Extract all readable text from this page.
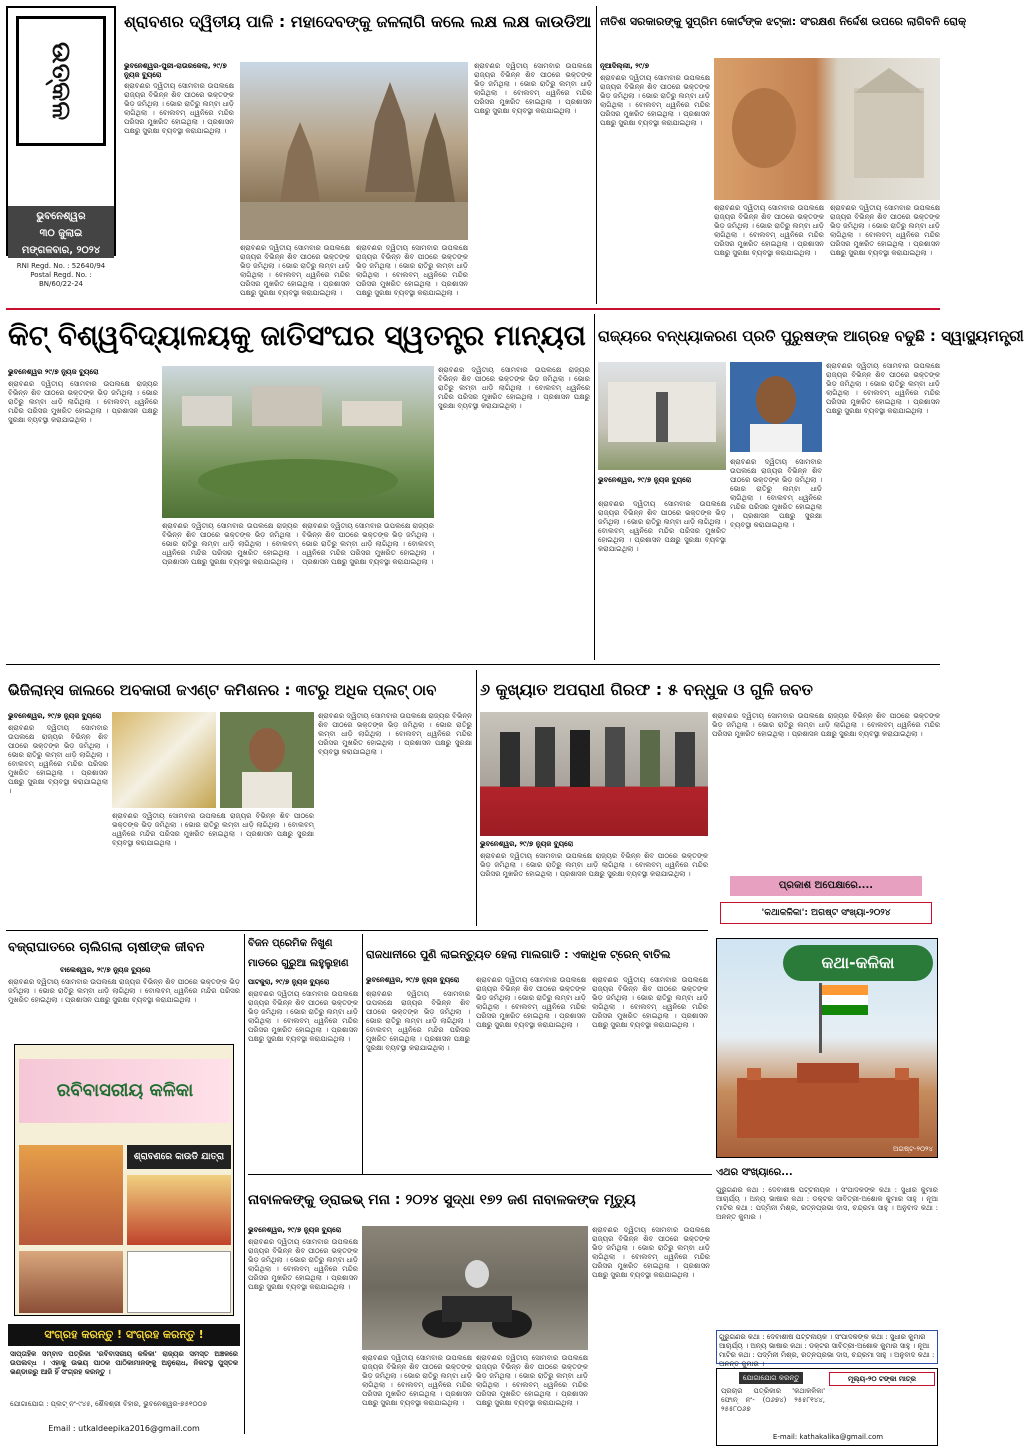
ଉତ୍କଳ
ଭୁବନେଶ୍ୱର
୩୦ ଜୁଲାଇ
ମଙ୍ଗଳବାର, ୨୦୨୪
RNI Regd. No. : 52640/94
Postal Regd. No. :
BN/60/22-24
ଶ୍ରାବଣର ଦ୍ୱିତୀୟ ପାଳି : ମହାଦେବଙ୍କୁ ଜଳଲାଗି କଲେ ଲକ୍ଷ ଲକ୍ଷ କାଉଡିଆ
ଭୁବନେଶ୍ୱର-ପୁରୀ-ରାଉରକେଲା, ୨୯/୭ ନ୍ୟୁଜ ବ୍ୟୁରୋ
ଶ୍ରାବଣର ଦ୍ୱିତୀୟ ସୋମବାର ଉପଲକ୍ଷେ ରାଜ୍ୟର ବିଭିନ୍ନ ଶିବ ପୀଠରେ ଭକ୍ତଙ୍କ ଭିଡ଼ ଜମିଥିଲା । ଭୋର ରାତିରୁ ଲମ୍ବା ଧାଡ଼ି ଲାଗିଥିଲା । ବୋଲବମ୍ ଧ୍ୱନିରେ ମନ୍ଦିର ପରିସର ମୁଖରିତ ହୋଇଥିଲା । ପ୍ରଶାସନ ପକ୍ଷରୁ ସୁରକ୍ଷା ବ୍ୟବସ୍ଥା କରାଯାଇଥିଲା ।
ଶ୍ରାବଣର ଦ୍ୱିତୀୟ ସୋମବାର ଉପଲକ୍ଷେ ରାଜ୍ୟର ବିଭିନ୍ନ ଶିବ ପୀଠରେ ଭକ୍ତଙ୍କ ଭିଡ଼ ଜମିଥିଲା । ଭୋର ରାତିରୁ ଲମ୍ବା ଧାଡ଼ି ଲାଗିଥିଲା । ବୋଲବମ୍ ଧ୍ୱନିରେ ମନ୍ଦିର ପରିସର ମୁଖରିତ ହୋଇଥିଲା । ପ୍ରଶାସନ ପକ୍ଷରୁ ସୁରକ୍ଷା ବ୍ୟବସ୍ଥା କରାଯାଇଥିଲା ।
ଶ୍ରାବଣର ଦ୍ୱିତୀୟ ସୋମବାର ଉପଲକ୍ଷେ ରାଜ୍ୟର ବିଭିନ୍ନ ଶିବ ପୀଠରେ ଭକ୍ତଙ୍କ ଭିଡ଼ ଜମିଥିଲା । ଭୋର ରାତିରୁ ଲମ୍ବା ଧାଡ଼ି ଲାଗିଥିଲା । ବୋଲବମ୍ ଧ୍ୱନିରେ ମନ୍ଦିର ପରିସର ମୁଖରିତ ହୋଇଥିଲା । ପ୍ରଶାସନ ପକ୍ଷରୁ ସୁରକ୍ଷା ବ୍ୟବସ୍ଥା କରାଯାଇଥିଲା ।
ଶ୍ରାବଣର ଦ୍ୱିତୀୟ ସୋମବାର ଉପଲକ୍ଷେ ରାଜ୍ୟର ବିଭିନ୍ନ ଶିବ ପୀଠରେ ଭକ୍ତଙ୍କ ଭିଡ଼ ଜମିଥିଲା । ଭୋର ରାତିରୁ ଲମ୍ବା ଧାଡ଼ି ଲାଗିଥିଲା । ବୋଲବମ୍ ଧ୍ୱନିରେ ମନ୍ଦିର ପରିସର ମୁଖରିତ ହୋଇଥିଲା । ପ୍ରଶାସନ ପକ୍ଷରୁ ସୁରକ୍ଷା ବ୍ୟବସ୍ଥା କରାଯାଇଥିଲା ।
ନୀତିଶ ସରକାରଙ୍କୁ ସୁପ୍ରିମ କୋର୍ଟଙ୍କ ଝଟ୍କା: ସଂରକ୍ଷଣ ନିର୍ଦ୍ଦେଶ ଉପରେ ଲାଗିବନି ରୋକ୍
ନୂଆଦିଲ୍ଲୀ, ୨୯/୭
ଶ୍ରାବଣର ଦ୍ୱିତୀୟ ସୋମବାର ଉପଲକ୍ଷେ ରାଜ୍ୟର ବିଭିନ୍ନ ଶିବ ପୀଠରେ ଭକ୍ତଙ୍କ ଭିଡ଼ ଜମିଥିଲା । ଭୋର ରାତିରୁ ଲମ୍ବା ଧାଡ଼ି ଲାଗିଥିଲା । ବୋଲବମ୍ ଧ୍ୱନିରେ ମନ୍ଦିର ପରିସର ମୁଖରିତ ହୋଇଥିଲା । ପ୍ରଶାସନ ପକ୍ଷରୁ ସୁରକ୍ଷା ବ୍ୟବସ୍ଥା କରାଯାଇଥିଲା ।
ଶ୍ରାବଣର ଦ୍ୱିତୀୟ ସୋମବାର ଉପଲକ୍ଷେ ରାଜ୍ୟର ବିଭିନ୍ନ ଶିବ ପୀଠରେ ଭକ୍ତଙ୍କ ଭିଡ଼ ଜମିଥିଲା । ଭୋର ରାତିରୁ ଲମ୍ବା ଧାଡ଼ି ଲାଗିଥିଲା । ବୋଲବମ୍ ଧ୍ୱନିରେ ମନ୍ଦିର ପରିସର ମୁଖରିତ ହୋଇଥିଲା । ପ୍ରଶାସନ ପକ୍ଷରୁ ସୁରକ୍ଷା ବ୍ୟବସ୍ଥା କରାଯାଇଥିଲା ।
ଶ୍ରାବଣର ଦ୍ୱିତୀୟ ସୋମବାର ଉପଲକ୍ଷେ ରାଜ୍ୟର ବିଭିନ୍ନ ଶିବ ପୀଠରେ ଭକ୍ତଙ୍କ ଭିଡ଼ ଜମିଥିଲା । ଭୋର ରାତିରୁ ଲମ୍ବା ଧାଡ଼ି ଲାଗିଥିଲା । ବୋଲବମ୍ ଧ୍ୱନିରେ ମନ୍ଦିର ପରିସର ମୁଖରିତ ହୋଇଥିଲା । ପ୍ରଶାସନ ପକ୍ଷରୁ ସୁରକ୍ଷା ବ୍ୟବସ୍ଥା କରାଯାଇଥିଲା ।
କିଟ୍ ବିଶ୍ୱବିଦ୍ୟାଳୟକୁ ଜାତିସଂଘର ସ୍ୱତନ୍ତ୍ର ମାନ୍ୟତା
ଭୁବନେଶ୍ୱର ୨୯/୭ ନ୍ୟୁଜ ବ୍ୟୁରୋ
ଶ୍ରାବଣର ଦ୍ୱିତୀୟ ସୋମବାର ଉପଲକ୍ଷେ ରାଜ୍ୟର ବିଭିନ୍ନ ଶିବ ପୀଠରେ ଭକ୍ତଙ୍କ ଭିଡ଼ ଜମିଥିଲା । ଭୋର ରାତିରୁ ଲମ୍ବା ଧାଡ଼ି ଲାଗିଥିଲା । ବୋଲବମ୍ ଧ୍ୱନିରେ ମନ୍ଦିର ପରିସର ମୁଖରିତ ହୋଇଥିଲା । ପ୍ରଶାସନ ପକ୍ଷରୁ ସୁରକ୍ଷା ବ୍ୟବସ୍ଥା କରାଯାଇଥିଲା ।
ଶ୍ରାବଣର ଦ୍ୱିତୀୟ ସୋମବାର ଉପଲକ୍ଷେ ରାଜ୍ୟର ବିଭିନ୍ନ ଶିବ ପୀଠରେ ଭକ୍ତଙ୍କ ଭିଡ଼ ଜମିଥିଲା । ଭୋର ରାତିରୁ ଲମ୍ବା ଧାଡ଼ି ଲାଗିଥିଲା । ବୋଲବମ୍ ଧ୍ୱନିରେ ମନ୍ଦିର ପରିସର ମୁଖରିତ ହୋଇଥିଲା । ପ୍ରଶାସନ ପକ୍ଷରୁ ସୁରକ୍ଷା ବ୍ୟବସ୍ଥା କରାଯାଇଥିଲା ।
ଶ୍ରାବଣର ଦ୍ୱିତୀୟ ସୋମବାର ଉପଲକ୍ଷେ ରାଜ୍ୟର ବିଭିନ୍ନ ଶିବ ପୀଠରେ ଭକ୍ତଙ୍କ ଭିଡ଼ ଜମିଥିଲା । ଭୋର ରାତିରୁ ଲମ୍ବା ଧାଡ଼ି ଲାଗିଥିଲା । ବୋଲବମ୍ ଧ୍ୱନିରେ ମନ୍ଦିର ପରିସର ମୁଖରିତ ହୋଇଥିଲା । ପ୍ରଶାସନ ପକ୍ଷରୁ ସୁରକ୍ଷା ବ୍ୟବସ୍ଥା କରାଯାଇଥିଲା ।
ଶ୍ରାବଣର ଦ୍ୱିତୀୟ ସୋମବାର ଉପଲକ୍ଷେ ରାଜ୍ୟର ବିଭିନ୍ନ ଶିବ ପୀଠରେ ଭକ୍ତଙ୍କ ଭିଡ଼ ଜମିଥିଲା । ଭୋର ରାତିରୁ ଲମ୍ବା ଧାଡ଼ି ଲାଗିଥିଲା । ବୋଲବମ୍ ଧ୍ୱନିରେ ମନ୍ଦିର ପରିସର ମୁଖରିତ ହୋଇଥିଲା । ପ୍ରଶାସନ ପକ୍ଷରୁ ସୁରକ୍ଷା ବ୍ୟବସ୍ଥା କରାଯାଇଥିଲା ।
ରାଜ୍ୟରେ ବନ୍ଧ୍ୟାକରଣ ପ୍ରତି ପୁରୁଷଙ୍କ ଆଗ୍ରହ ବଢୁଛି : ସ୍ୱାସ୍ଥ୍ୟମନ୍ତ୍ରୀ
ଭୁବନେଶ୍ୱର, ୨୯/୭ ନ୍ୟୁଜ ବ୍ୟୁରୋ
ଶ୍ରାବଣର ଦ୍ୱିତୀୟ ସୋମବାର ଉପଲକ୍ଷେ ରାଜ୍ୟର ବିଭିନ୍ନ ଶିବ ପୀଠରେ ଭକ୍ତଙ୍କ ଭିଡ଼ ଜମିଥିଲା । ଭୋର ରାତିରୁ ଲମ୍ବା ଧାଡ଼ି ଲାଗିଥିଲା । ବୋଲବମ୍ ଧ୍ୱନିରେ ମନ୍ଦିର ପରିସର ମୁଖରିତ ହୋଇଥିଲା । ପ୍ରଶାସନ ପକ୍ଷରୁ ସୁରକ୍ଷା ବ୍ୟବସ୍ଥା କରାଯାଇଥିଲା ।
ଶ୍ରାବଣର ଦ୍ୱିତୀୟ ସୋମବାର ଉପଲକ୍ଷେ ରାଜ୍ୟର ବିଭିନ୍ନ ଶିବ ପୀଠରେ ଭକ୍ତଙ୍କ ଭିଡ଼ ଜମିଥିଲା । ଭୋର ରାତିରୁ ଲମ୍ବା ଧାଡ଼ି ଲାଗିଥିଲା । ବୋଲବମ୍ ଧ୍ୱନିରେ ମନ୍ଦିର ପରିସର ମୁଖରିତ ହୋଇଥିଲା । ପ୍ରଶାସନ ପକ୍ଷରୁ ସୁରକ୍ଷା ବ୍ୟବସ୍ଥା କରାଯାଇଥିଲା ।
ଶ୍ରାବଣର ଦ୍ୱିତୀୟ ସୋମବାର ଉପଲକ୍ଷେ ରାଜ୍ୟର ବିଭିନ୍ନ ଶିବ ପୀଠରେ ଭକ୍ତଙ୍କ ଭିଡ଼ ଜମିଥିଲା । ଭୋର ରାତିରୁ ଲମ୍ବା ଧାଡ଼ି ଲାଗିଥିଲା । ବୋଲବମ୍ ଧ୍ୱନିରେ ମନ୍ଦିର ପରିସର ମୁଖରିତ ହୋଇଥିଲା । ପ୍ରଶାସନ ପକ୍ଷରୁ ସୁରକ୍ଷା ବ୍ୟବସ୍ଥା କରାଯାଇଥିଲା ।
ଭିଜିଲାନ୍ସ ଜାଲରେ ଅବକାରୀ ଜଏଣ୍ଟ କମିଶନର : ୩ଟରୁ ଅଧିକ ପ୍ଲଟ୍ ଠାବ
ଭୁବନେଶ୍ୱର, ୨୯/୭ ନ୍ୟୁଜ ବ୍ୟୁରୋ
ଶ୍ରାବଣର ଦ୍ୱିତୀୟ ସୋମବାର ଉପଲକ୍ଷେ ରାଜ୍ୟର ବିଭିନ୍ନ ଶିବ ପୀଠରେ ଭକ୍ତଙ୍କ ଭିଡ଼ ଜମିଥିଲା । ଭୋର ରାତିରୁ ଲମ୍ବା ଧାଡ଼ି ଲାଗିଥିଲା । ବୋଲବମ୍ ଧ୍ୱନିରେ ମନ୍ଦିର ପରିସର ମୁଖରିତ ହୋଇଥିଲା । ପ୍ରଶାସନ ପକ୍ଷରୁ ସୁରକ୍ଷା ବ୍ୟବସ୍ଥା କରାଯାଇଥିଲା ।
ଶ୍ରାବଣର ଦ୍ୱିତୀୟ ସୋମବାର ଉପଲକ୍ଷେ ରାଜ୍ୟର ବିଭିନ୍ନ ଶିବ ପୀଠରେ ଭକ୍ତଙ୍କ ଭିଡ଼ ଜମିଥିଲା । ଭୋର ରାତିରୁ ଲମ୍ବା ଧାଡ଼ି ଲାଗିଥିଲା । ବୋଲବମ୍ ଧ୍ୱନିରେ ମନ୍ଦିର ପରିସର ମୁଖରିତ ହୋଇଥିଲା । ପ୍ରଶାସନ ପକ୍ଷରୁ ସୁରକ୍ଷା ବ୍ୟବସ୍ଥା କରାଯାଇଥିଲା ।
ଶ୍ରାବଣର ଦ୍ୱିତୀୟ ସୋମବାର ଉପଲକ୍ଷେ ରାଜ୍ୟର ବିଭିନ୍ନ ଶିବ ପୀଠରେ ଭକ୍ତଙ୍କ ଭିଡ଼ ଜମିଥିଲା । ଭୋର ରାତିରୁ ଲମ୍ବା ଧାଡ଼ି ଲାଗିଥିଲା । ବୋଲବମ୍ ଧ୍ୱନିରେ ମନ୍ଦିର ପରିସର ମୁଖରିତ ହୋଇଥିଲା । ପ୍ରଶାସନ ପକ୍ଷରୁ ସୁରକ୍ଷା ବ୍ୟବସ୍ଥା କରାଯାଇଥିଲା ।
୬ କୁଖ୍ୟାତ ଅପରାଧୀ ଗିରଫ : ୫ ବନ୍ଧୁକ ଓ ଗୁଳି ଜବତ
ଭୁବନେଶ୍ୱର, ୨୯/୭ ନ୍ୟୁଜ ବ୍ୟୁରୋ
ଶ୍ରାବଣର ଦ୍ୱିତୀୟ ସୋମବାର ଉପଲକ୍ଷେ ରାଜ୍ୟର ବିଭିନ୍ନ ଶିବ ପୀଠରେ ଭକ୍ତଙ୍କ ଭିଡ଼ ଜମିଥିଲା । ଭୋର ରାତିରୁ ଲମ୍ବା ଧାଡ଼ି ଲାଗିଥିଲା । ବୋଲବମ୍ ଧ୍ୱନିରେ ମନ୍ଦିର ପରିସର ମୁଖରିତ ହୋଇଥିଲା । ପ୍ରଶାସନ ପକ୍ଷରୁ ସୁରକ୍ଷା ବ୍ୟବସ୍ଥା କରାଯାଇଥିଲା ।
ଶ୍ରାବଣର ଦ୍ୱିତୀୟ ସୋମବାର ଉପଲକ୍ଷେ ରାଜ୍ୟର ବିଭିନ୍ନ ଶିବ ପୀଠରେ ଭକ୍ତଙ୍କ ଭିଡ଼ ଜମିଥିଲା । ଭୋର ରାତିରୁ ଲମ୍ବା ଧାଡ଼ି ଲାଗିଥିଲା । ବୋଲବମ୍ ଧ୍ୱନିରେ ମନ୍ଦିର ପରିସର ମୁଖରିତ ହୋଇଥିଲା । ପ୍ରଶାସନ ପକ୍ଷରୁ ସୁରକ୍ଷା ବ୍ୟବସ୍ଥା କରାଯାଇଥିଲା ।
ପ୍ରକାଶ ଅପେକ୍ଷାରେ....
'କଥାକଳିକା': ଅଗଷ୍ଟ ସଂଖ୍ୟା-୨୦୨୪
ବଜ୍ରାଘାତରେ ଚାଲିଗଲା ଚାଷୀଙ୍କ ଜୀବନ
ବାଲେଶ୍ୱର, ୨୯/୭ ନ୍ୟୁଜ ବ୍ୟୁରୋ
ଶ୍ରାବଣର ଦ୍ୱିତୀୟ ସୋମବାର ଉପଲକ୍ଷେ ରାଜ୍ୟର ବିଭିନ୍ନ ଶିବ ପୀଠରେ ଭକ୍ତଙ୍କ ଭିଡ଼ ଜମିଥିଲା । ଭୋର ରାତିରୁ ଲମ୍ବା ଧାଡ଼ି ଲାଗିଥିଲା । ବୋଲବମ୍ ଧ୍ୱନିରେ ମନ୍ଦିର ପରିସର ମୁଖରିତ ହୋଇଥିଲା । ପ୍ରଶାସନ ପକ୍ଷରୁ ସୁରକ୍ଷା ବ୍ୟବସ୍ଥା କରାଯାଇଥିଲା ।
ରବିବାସରୀୟ କଳିକା
ଶ୍ରାବଣରେ କାଉଡି ଯାତ୍ରା
ସଂଗ୍ରହ କରନ୍ତୁ ! ସଂଗ୍ରହ କରନ୍ତୁ !
ସାପ୍ତାହିକ ସମ୍ବାଦ ପତ୍ରିକା 'ରବିବାସରୀୟ କଳିକା' ରାଜ୍ୟର ସମସ୍ତ ଅଞ୍ଚଳରେ ଉପଲବ୍ଧ । ଏହାକୁ ଉଭୟ ପାଠକ ପାଠିକାମାନଙ୍କୁ ଅନୁରୋଧ, ନିକଟସ୍ଥ ପୁସ୍ତକ ଭଣ୍ଡାରରୁ ଆଜି ହିଁ ସଂଗ୍ରହ କରନ୍ତୁ ।
ଯୋଗାଯୋଗ : ପ୍ଲଟ୍ ନଂ-୯୪୫, ଶୈଳଶ୍ରୀ ବିହାର, ଭୁବନେଶ୍ୱର-୭୫୧୦୦୭
Email : utkaldeepika2016@gmail.com
ବିଜନ ପ୍ରେମିକ ନିଖୁଣ
ମାଡରେ ଗୁରୁଆ ଲହୁଲୁହାଣ
ପାଟକୁରା, ୨୯/୭ ନ୍ୟୁଜ ବ୍ୟୁରୋ
ଶ୍ରାବଣର ଦ୍ୱିତୀୟ ସୋମବାର ଉପଲକ୍ଷେ ରାଜ୍ୟର ବିଭିନ୍ନ ଶିବ ପୀଠରେ ଭକ୍ତଙ୍କ ଭିଡ଼ ଜମିଥିଲା । ଭୋର ରାତିରୁ ଲମ୍ବା ଧାଡ଼ି ଲାଗିଥିଲା । ବୋଲବମ୍ ଧ୍ୱନିରେ ମନ୍ଦିର ପରିସର ମୁଖରିତ ହୋଇଥିଲା । ପ୍ରଶାସନ ପକ୍ଷରୁ ସୁରକ୍ଷା ବ୍ୟବସ୍ଥା କରାଯାଇଥିଲା ।
ରାଜଧାନୀରେ ପୁଣି ଲାଇନ୍‌ଚ୍ୟୁତ ହେଲା ମାଲଗାଡି : ଏକାଧିକ ଟ୍ରେନ୍ ବାତିଲ
ଭୁବନେଶ୍ୱର, ୨୯/୭ ନ୍ୟୁଜ ବ୍ୟୁରୋ
ଶ୍ରାବଣର ଦ୍ୱିତୀୟ ସୋମବାର ଉପଲକ୍ଷେ ରାଜ୍ୟର ବିଭିନ୍ନ ଶିବ ପୀଠରେ ଭକ୍ତଙ୍କ ଭିଡ଼ ଜମିଥିଲା । ଭୋର ରାତିରୁ ଲମ୍ବା ଧାଡ଼ି ଲାଗିଥିଲା । ବୋଲବମ୍ ଧ୍ୱନିରେ ମନ୍ଦିର ପରିସର ମୁଖରିତ ହୋଇଥିଲା । ପ୍ରଶାସନ ପକ୍ଷରୁ ସୁରକ୍ଷା ବ୍ୟବସ୍ଥା କରାଯାଇଥିଲା ।
ଶ୍ରାବଣର ଦ୍ୱିତୀୟ ସୋମବାର ଉପଲକ୍ଷେ ରାଜ୍ୟର ବିଭିନ୍ନ ଶିବ ପୀଠରେ ଭକ୍ତଙ୍କ ଭିଡ଼ ଜମିଥିଲା । ଭୋର ରାତିରୁ ଲମ୍ବା ଧାଡ଼ି ଲାଗିଥିଲା । ବୋଲବମ୍ ଧ୍ୱନିରେ ମନ୍ଦିର ପରିସର ମୁଖରିତ ହୋଇଥିଲା । ପ୍ରଶାସନ ପକ୍ଷରୁ ସୁରକ୍ଷା ବ୍ୟବସ୍ଥା କରାଯାଇଥିଲା ।
ଶ୍ରାବଣର ଦ୍ୱିତୀୟ ସୋମବାର ଉପଲକ୍ଷେ ରାଜ୍ୟର ବିଭିନ୍ନ ଶିବ ପୀଠରେ ଭକ୍ତଙ୍କ ଭିଡ଼ ଜମିଥିଲା । ଭୋର ରାତିରୁ ଲମ୍ବା ଧାଡ଼ି ଲାଗିଥିଲା । ବୋଲବମ୍ ଧ୍ୱନିରେ ମନ୍ଦିର ପରିସର ମୁଖରିତ ହୋଇଥିଲା । ପ୍ରଶାସନ ପକ୍ଷରୁ ସୁରକ୍ଷା ବ୍ୟବସ୍ଥା କରାଯାଇଥିଲା ।
କଥା-କଳିକା
ଅଗଷ୍ଟ-୨୦୨୪
ଏଥର ସଂଖ୍ୟାରେ...
ଗୁରୁଗଣର କଥା : ଦେବାଶୀଷ ପଟ୍ଟନାୟକ । ସଂପାଦକଙ୍କ କଥା : ସୁଧୀର କୁମାର ଆଚାର୍ଯ୍ୟ । ଅନ୍ୟ ଭାଷାର କଥା : ଡକ୍ଟର ସାବିତ୍ରୀ-ଅଶୋକ କୁମାର ସାହୁ । ନୂଆ ମାଟିର କଥା : ପଦ୍ମିନୀ ମିଶ୍ର, ରତ୍ନପ୍ରଭା ଦାସ, ଚନ୍ଦ୍ରମା ସାହୁ । ଅନୁବାଦ କଥା : ଅନନ୍ତ କୁମାର ।
ଗୁରୁଗଣର କଥା : ଦେବାଶୀଷ ପଟ୍ଟନାୟକ । ସଂପାଦକଙ୍କ କଥା : ସୁଧୀର କୁମାର ଆଚାର୍ଯ୍ୟ । ଅନ୍ୟ ଭାଷାର କଥା : ଡକ୍ଟର ସାବିତ୍ରୀ-ଅଶୋକ କୁମାର ସାହୁ । ନୂଆ ମାଟିର କଥା : ପଦ୍ମିନୀ ମିଶ୍ର, ରତ୍ନପ୍ରଭା ଦାସ, ଚନ୍ଦ୍ରମା ସାହୁ । ଅନୁବାଦ କଥା : ଅନନ୍ତ କୁମାର ।
ଯୋଗାଯୋଗ କରନ୍ତୁ
ପ୍ରଚାର ପତ୍ରିକାର 'କଥାକଳିକା' ଫୋନ୍ ନଂ- (୦୬୭୪) ୨୫୫୮୧୪୪, ୨୫୫୮୦୬୭
ମୂଲ୍ୟ-୨୦ ଟଙ୍କା ମାତ୍ର
E-mail: kathakalika@gmail.com
ନାବାଳକଙ୍କୁ ଡ୍ରାଇଭ୍ ମନା : ୨୦୨୪ ସୁଦ୍ଧା ୧୭୨ ଜଣ ନାବାଳକଙ୍କ ମୃତ୍ୟୁ
ଭୁବନେଶ୍ୱର, ୨୯/୭ ନ୍ୟୁଜ ବ୍ୟୁରୋ
ଶ୍ରାବଣର ଦ୍ୱିତୀୟ ସୋମବାର ଉପଲକ୍ଷେ ରାଜ୍ୟର ବିଭିନ୍ନ ଶିବ ପୀଠରେ ଭକ୍ତଙ୍କ ଭିଡ଼ ଜମିଥିଲା । ଭୋର ରାତିରୁ ଲମ୍ବା ଧାଡ଼ି ଲାଗିଥିଲା । ବୋଲବମ୍ ଧ୍ୱନିରେ ମନ୍ଦିର ପରିସର ମୁଖରିତ ହୋଇଥିଲା । ପ୍ରଶାସନ ପକ୍ଷରୁ ସୁରକ୍ଷା ବ୍ୟବସ୍ଥା କରାଯାଇଥିଲା ।
ଶ୍ରାବଣର ଦ୍ୱିତୀୟ ସୋମବାର ଉପଲକ୍ଷେ ରାଜ୍ୟର ବିଭିନ୍ନ ଶିବ ପୀଠରେ ଭକ୍ତଙ୍କ ଭିଡ଼ ଜମିଥିଲା । ଭୋର ରାତିରୁ ଲମ୍ବା ଧାଡ଼ି ଲାଗିଥିଲା । ବୋଲବମ୍ ଧ୍ୱନିରେ ମନ୍ଦିର ପରିସର ମୁଖରିତ ହୋଇଥିଲା । ପ୍ରଶାସନ ପକ୍ଷରୁ ସୁରକ୍ଷା ବ୍ୟବସ୍ଥା କରାଯାଇଥିଲା ।
ଶ୍ରାବଣର ଦ୍ୱିତୀୟ ସୋମବାର ଉପଲକ୍ଷେ ରାଜ୍ୟର ବିଭିନ୍ନ ଶିବ ପୀଠରେ ଭକ୍ତଙ୍କ ଭିଡ଼ ଜମିଥିଲା । ଭୋର ରାତିରୁ ଲମ୍ବା ଧାଡ଼ି ଲାଗିଥିଲା । ବୋଲବମ୍ ଧ୍ୱନିରେ ମନ୍ଦିର ପରିସର ମୁଖରିତ ହୋଇଥିଲା । ପ୍ରଶାସନ ପକ୍ଷରୁ ସୁରକ୍ଷା ବ୍ୟବସ୍ଥା କରାଯାଇଥିଲା ।
ଶ୍ରାବଣର ଦ୍ୱିତୀୟ ସୋମବାର ଉପଲକ୍ଷେ ରାଜ୍ୟର ବିଭିନ୍ନ ଶିବ ପୀଠରେ ଭକ୍ତଙ୍କ ଭିଡ଼ ଜମିଥିଲା । ଭୋର ରାତିରୁ ଲମ୍ବା ଧାଡ଼ି ଲାଗିଥିଲା । ବୋଲବମ୍ ଧ୍ୱନିରେ ମନ୍ଦିର ପରିସର ମୁଖରିତ ହୋଇଥିଲା । ପ୍ରଶାସନ ପକ୍ଷରୁ ସୁରକ୍ଷା ବ୍ୟବସ୍ଥା କରାଯାଇଥିଲା ।
